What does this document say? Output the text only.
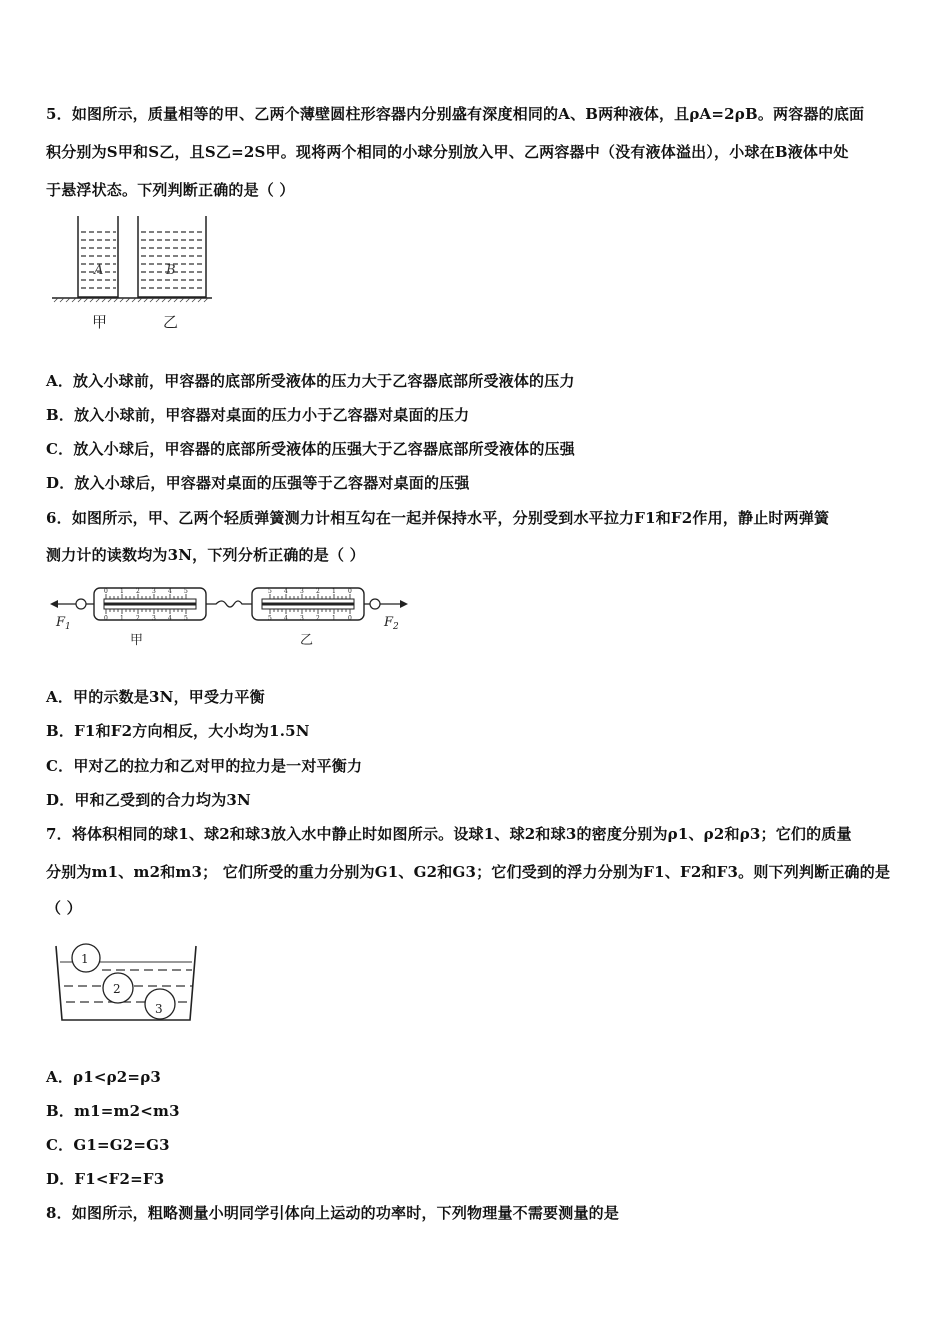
5．如图所示，质量相等的甲、乙两个薄壁圆柱形容器内分别盛有深度相同的A、B两种液体，且ρA=2ρB。两容器的底面
积分别为S甲和S乙，且S乙=2S甲。现将两个相同的小球分别放入甲、乙两容器中（没有液体溢出），小球在B液体中处
于悬浮状态。下列判断正确的是（ ）
A	B
甲	乙
A．放入小球前，甲容器的底部所受液体的压力大于乙容器底部所受液体的压力
B．放入小球前，甲容器对桌面的压力小于乙容器对桌面的压力
C．放入小球后，甲容器的底部所受液体的压强大于乙容器底部所受液体的压强
D．放入小球后，甲容器对桌面的压强等于乙容器对桌面的压强
6．如图所示，甲、乙两个轻质弹簧测力计相互勾在一起并保持水平，分别受到水平拉力F1和F2作用，静止时两弹簧
测力计的读数均为3N，下列分析正确的是（ ）
$F_1$
0 1 2 3 4 5
0 1 2 3 4 5
5 4 3 2 1 0
5 4 3 2 1 0 $F_2$
甲	乙
A．甲的示数是3N，甲受力平衡
B．F1和F2方向相反，大小均为1.5N
C．甲对乙的拉力和乙对甲的拉力是一对平衡力
D．甲和乙受到的合力均为3N
7．将体积相同的球1、球2和球3放入水中静止时如图所示。设球1、球2和球3的密度分别为ρ1、ρ2和ρ3；它们的质量
分别为m1、m2和m3； 它们所受的重力分别为G1、G2和G3；它们受到的浮力分别为F1、F2和F3。则下列判断正确的是
（ ）
1
2
3
A．ρ1<ρ2=ρ3
B．m1=m2<m3
C．G1=G2=G3
D．F1<F2=F3
8．如图所示，粗略测量小明同学引体向上运动的功率时，下列物理量不需要测量的是
